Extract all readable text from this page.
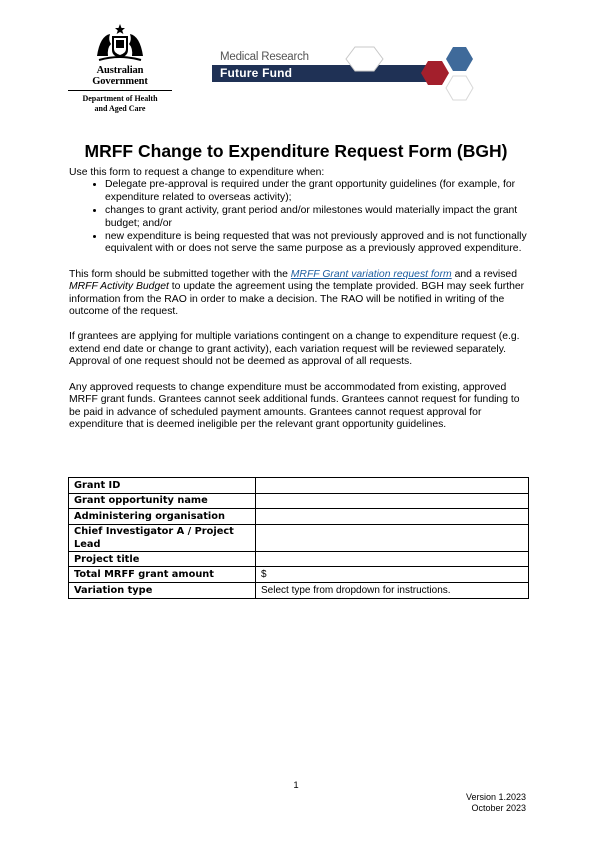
Australian Government
Department of Health
and Aged Care
Medical Research
Future Fund
MRFF Change to Expenditure Request Form (BGH)

Use this form to request a change to expenditure when:

• Delegate pre-approval is required under the grant opportunity guidelines (for example, for expenditure related to overseas activity);
• changes to grant activity, grant period and/or milestones would materially impact the grant budget; and/or
• new expenditure is being requested that was not previously approved and is not functionally equivalent with or does not serve the same purpose as a previously approved expenditure.

This form should be submitted together with the MRFF Grant variation request form and a revised MRFF Activity Budget to update the agreement using the template provided. BGH may seek further information from the RAO in order to make a decision. The RAO will be notified in writing of the outcome of the request.

If grantees are applying for multiple variations contingent on a change to expenditure request (e.g. extend end date or change to grant activity), each variation request will be reviewed separately. Approval of one request should not be deemed as approval of all requests.

Any approved requests to change expenditure must be accommodated from existing, approved MRFF grant funds. Grantees cannot seek additional funds. Grantees cannot request for funding to be paid in advance of scheduled payment amounts. Grantees cannot request approval for expenditure that is deemed ineligible per the relevant grant opportunity guidelines.

Grant ID	
Grant opportunity name	
Administering organisation	
Chief Investigator A / Project Lead	
Project title	
Total MRFF grant amount	$
Variation type	Select type from dropdown for instructions.
1
Version 1.2023
October 2023
